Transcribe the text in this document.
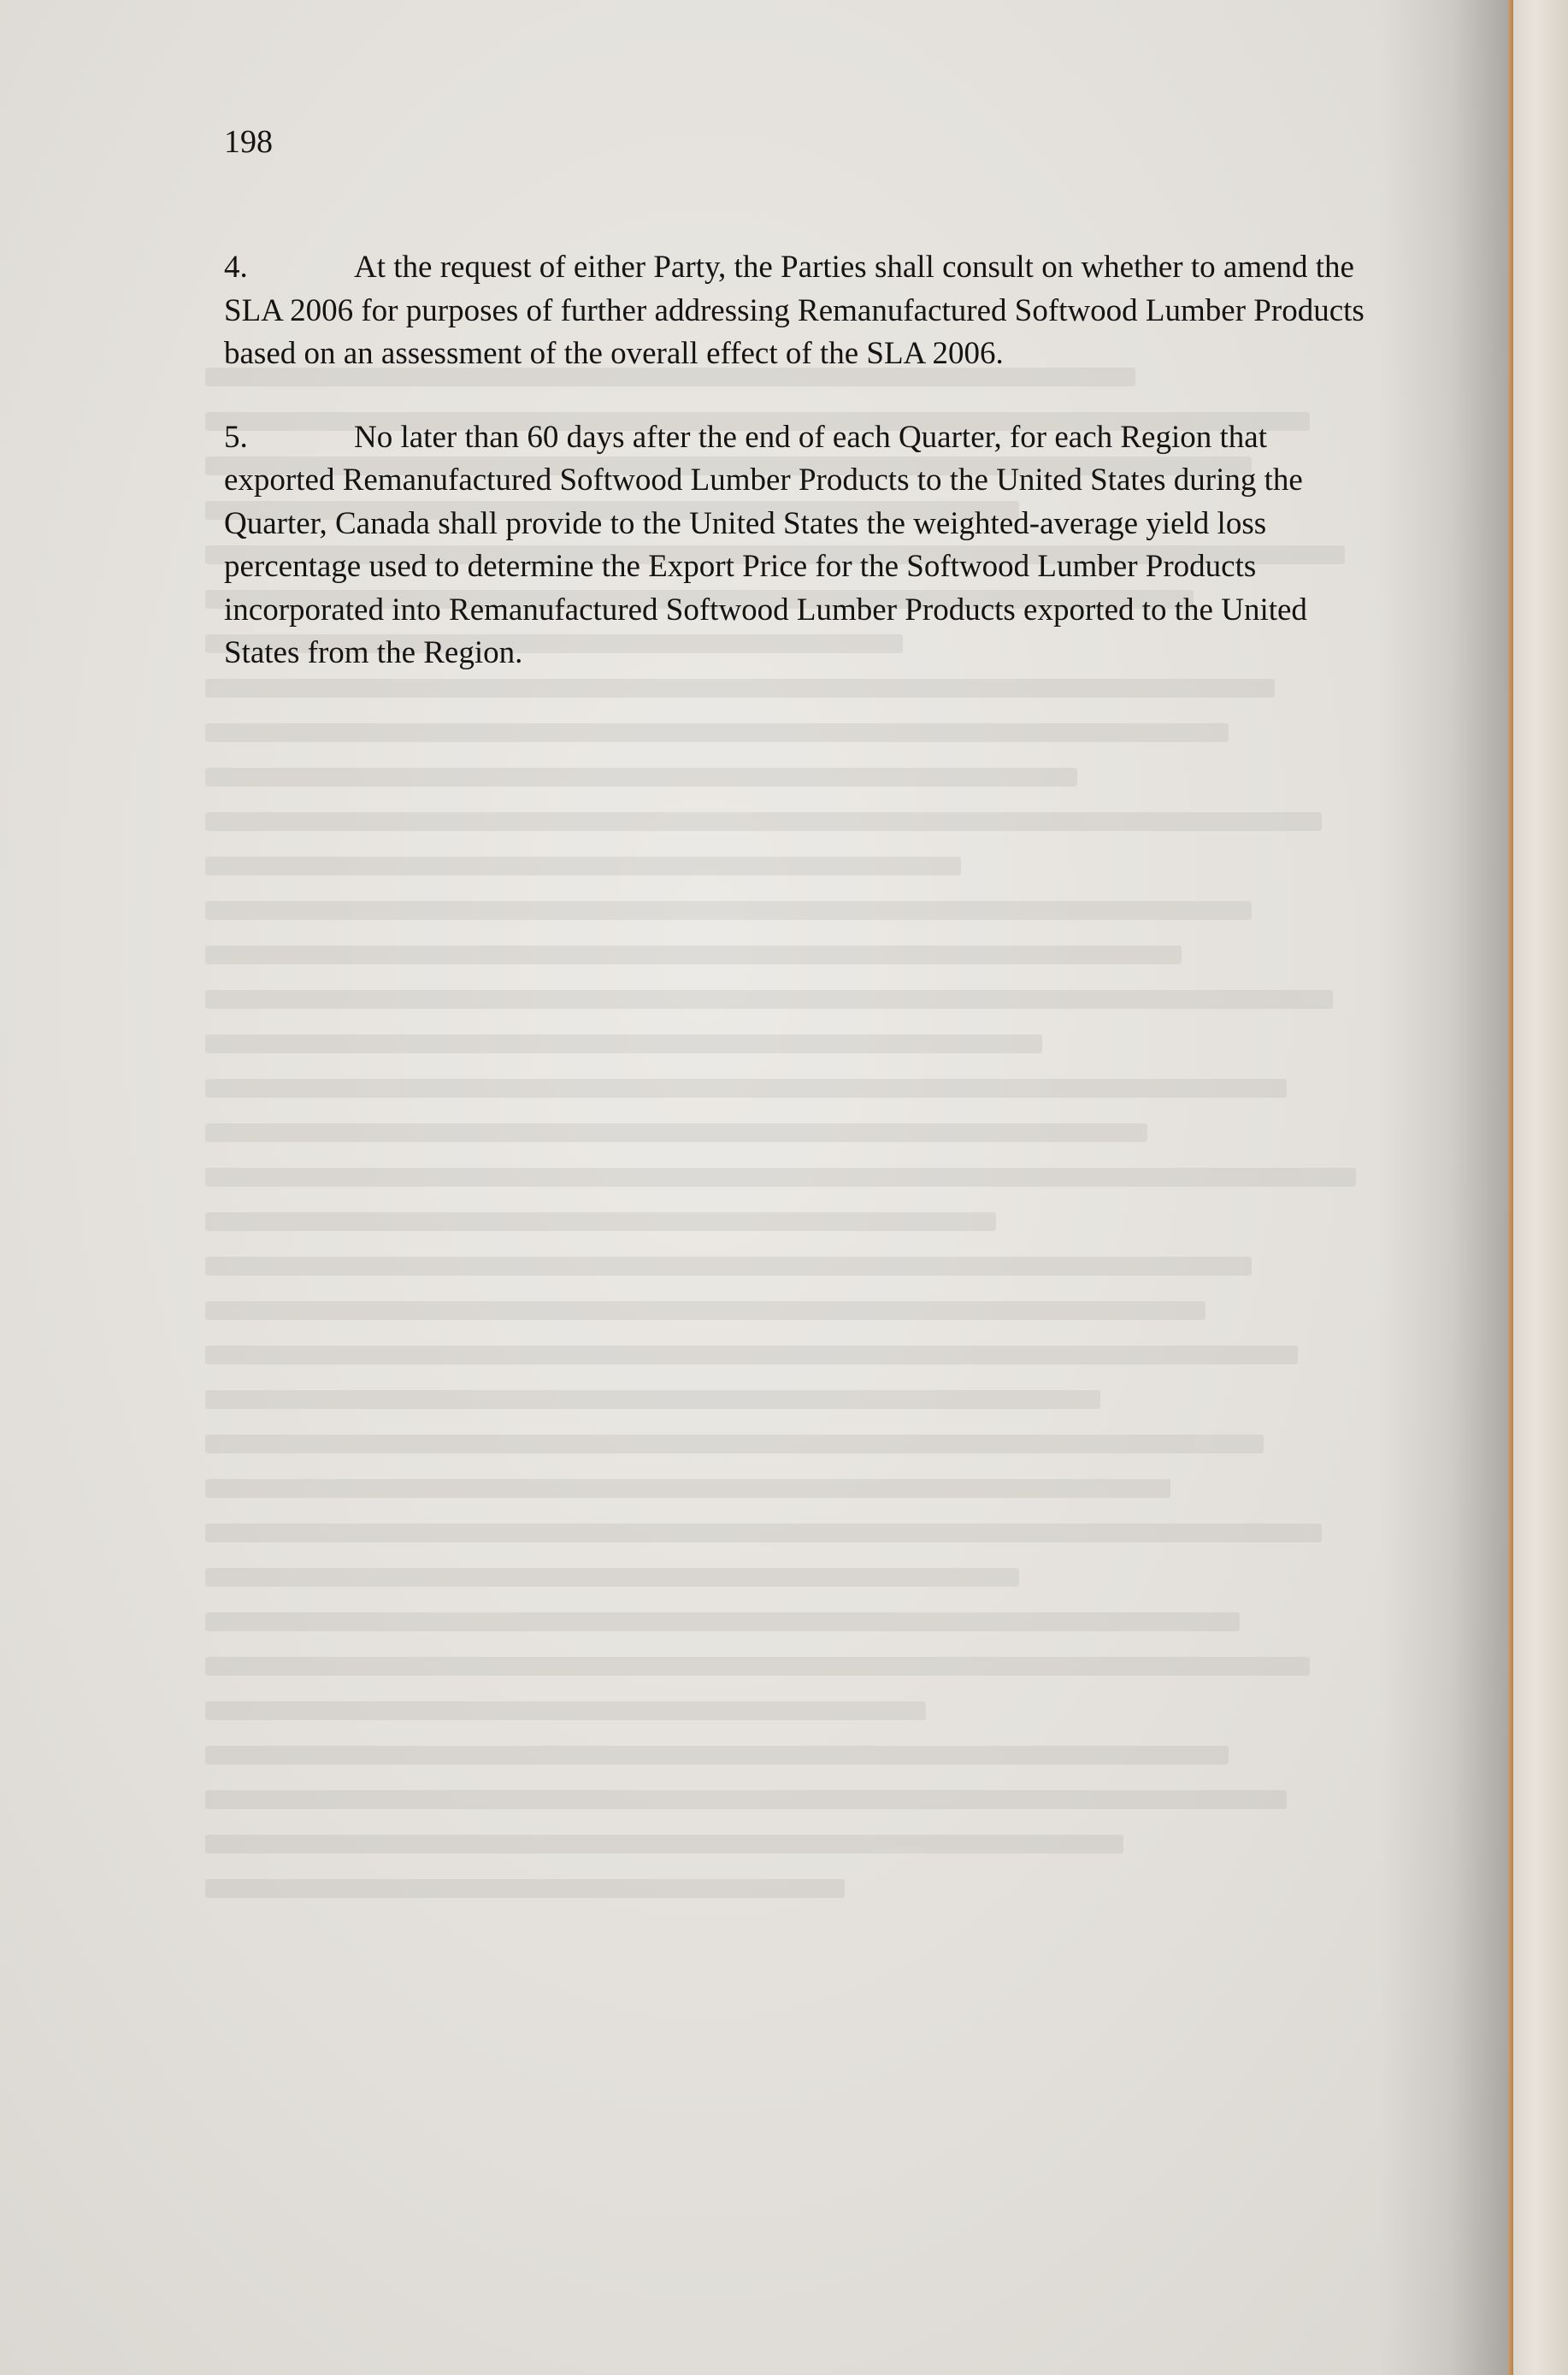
198

4.	At the request of either Party, the Parties shall consult on whether to amend the SLA 2006 for purposes of further addressing Remanufactured Softwood Lumber Products based on an assessment of the overall effect of the SLA 2006.

5.	No later than 60 days after the end of each Quarter, for each Region that exported Remanufactured Softwood Lumber Products to the United States during the Quarter, Canada shall provide to the United States the weighted-average yield loss percentage used to determine the Export Price for the Softwood Lumber Products incorporated into Remanufactured Softwood Lumber Products exported to the United States from the Region.
